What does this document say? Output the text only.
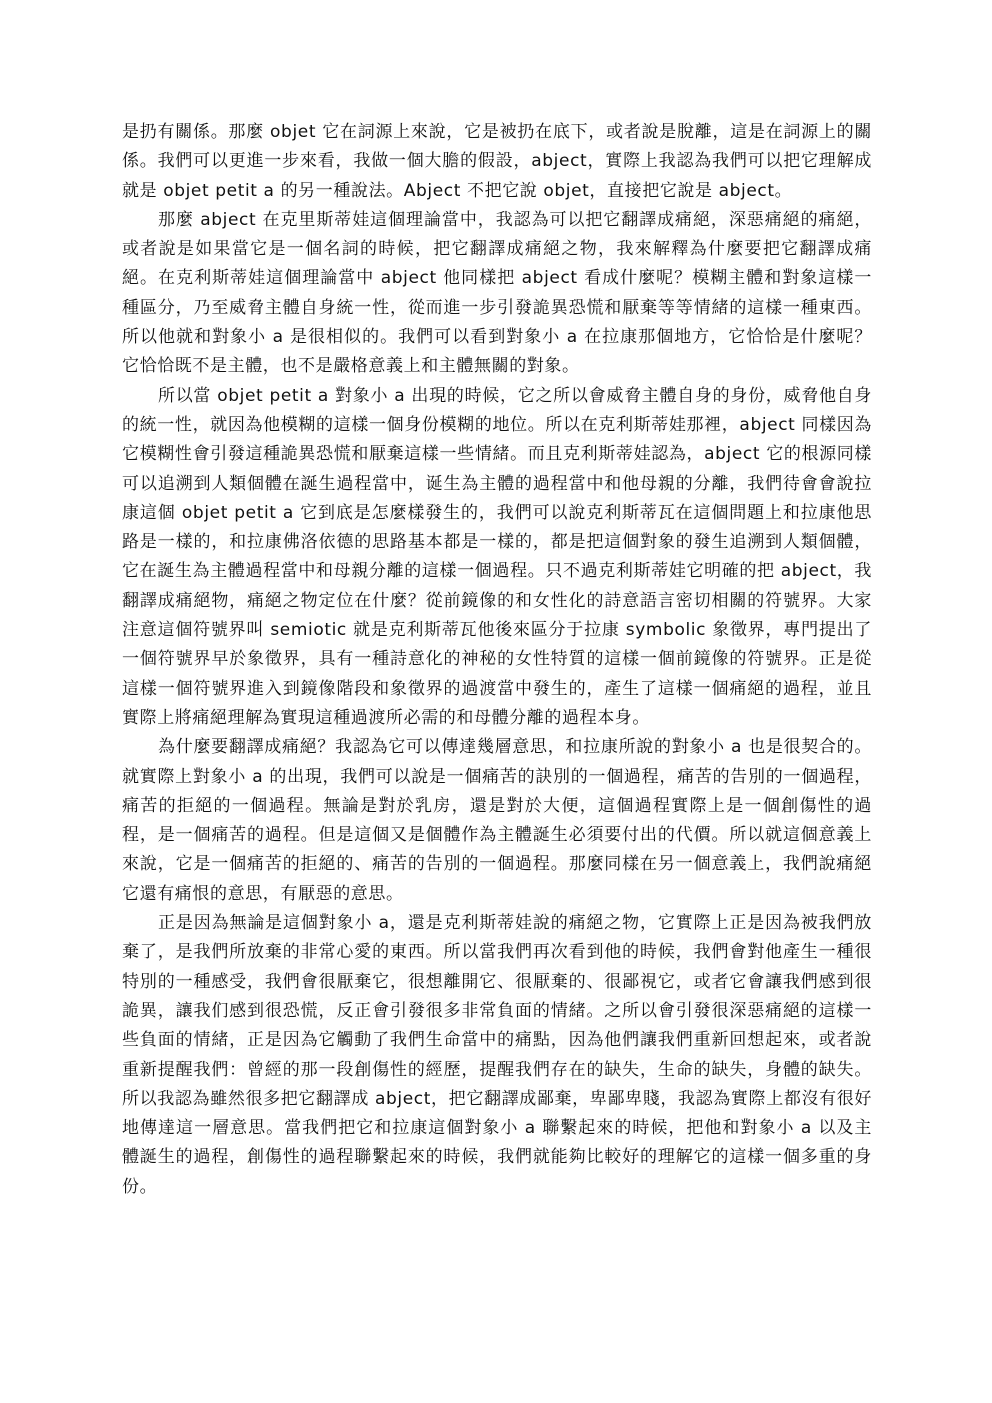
是扔有關係。那麼 objet 它在詞源上來說，它是被扔在底下，或者說是脫離，這是在詞源上的關係。我們可以更進一步來看，我做一個大膽的假設，abject，實際上我認為我們可以把它理解成就是 objet petit a 的另一種說法。Abject 不把它說 objet，直接把它說是 abject。

那麼 abject 在克里斯蒂娃這個理論當中，我認為可以把它翻譯成痛絕，深惡痛絕的痛絕，或者說是如果當它是一個名詞的時候，把它翻譯成痛絕之物，我來解釋為什麼要把它翻譯成痛絕。在克利斯蒂娃這個理論當中 abject 他同樣把 abject 看成什麼呢？模糊主體和對象這樣一種區分，乃至威脅主體自身統一性，從而進一步引發詭異恐慌和厭棄等等情緒的這樣一種東西。所以他就和對象小 a 是很相似的。我們可以看到對象小 a 在拉康那個地方，它恰恰是什麼呢？它恰恰既不是主體，也不是嚴格意義上和主體無關的對象。

所以當 objet petit a 對象小 a 出現的時候，它之所以會威脅主體自身的身份，威脅他自身的統一性，就因為他模糊的這樣一個身份模糊的地位。所以在克利斯蒂娃那裡，abject 同樣因為它模糊性會引發這種詭異恐慌和厭棄這樣一些情緒。而且克利斯蒂娃認為，abject 它的根源同樣可以追溯到人類個體在誕生過程當中，诞生為主體的過程當中和他母親的分離，我們待會會說拉康這個 objet petit a 它到底是怎麼樣發生的，我們可以說克利斯蒂瓦在這個問題上和拉康他思路是一樣的，和拉康佛洛依德的思路基本都是一樣的，都是把這個對象的發生追溯到人類個體，它在誕生為主體過程當中和母親分離的這樣一個過程。只不過克利斯蒂娃它明確的把 abject，我翻譯成痛絕物，痛絕之物定位在什麼？從前鏡像的和女性化的詩意語言密切相關的符號界。大家注意這個符號界叫 semiotic 就是克利斯蒂瓦他後來區分于拉康 symbolic 象徵界，專門提出了一個符號界早於象徵界，具有一種詩意化的神秘的女性特質的這樣一個前鏡像的符號界。正是從這樣一個符號界進入到鏡像階段和象徵界的過渡當中發生的，產生了這樣一個痛絕的過程，並且實際上將痛絕理解為實現這種過渡所必需的和母體分離的過程本身。

為什麼要翻譯成痛絕？我認為它可以傳達幾層意思，和拉康所說的對象小 a 也是很契合的。就實際上對象小 a 的出現，我們可以說是一個痛苦的訣別的一個過程，痛苦的告別的一個過程，痛苦的拒絕的一個過程。無論是對於乳房，還是對於大便，這個過程實際上是一個創傷性的過程，是一個痛苦的過程。但是這個又是個體作為主體誕生必須要付出的代價。所以就這個意義上來說，它是一個痛苦的拒絕的、痛苦的告別的一個過程。那麼同樣在另一個意義上，我們說痛絕它還有痛恨的意思，有厭惡的意思。

正是因為無論是這個對象小 a，還是克利斯蒂娃說的痛絕之物，它實際上正是因為被我們放棄了，是我們所放棄的非常心愛的東西。所以當我們再次看到他的時候，我們會對他產生一種很特別的一種感受，我們會很厭棄它，很想離開它、很厭棄的、很鄙視它，或者它會讓我們感到很詭異，讓我们感到很恐慌，反正會引發很多非常負面的情緒。之所以會引發很深惡痛絕的這樣一些負面的情緒，正是因為它觸動了我們生命當中的痛點，因為他們讓我們重新回想起來，或者說重新提醒我們：曾經的那一段創傷性的經歷，提醒我們存在的缺失，生命的缺失，身體的缺失。所以我認為雖然很多把它翻譯成 abject，把它翻譯成鄙棄，卑鄙卑賤，我認為實際上都沒有很好地傳達這一層意思。當我們把它和拉康這個對象小 a 聯繫起來的時候，把他和對象小 a 以及主體誕生的過程，創傷性的過程聯繫起來的時候，我們就能夠比較好的理解它的這樣一個多重的身份。
